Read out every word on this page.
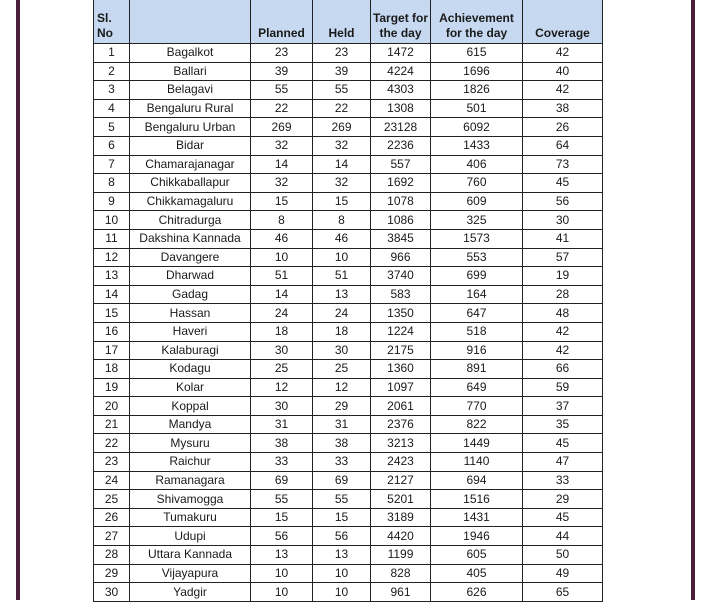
Sl. No		Planned	Held	Target for the day	Achievement for the day	Coverage
1	Bagalkot	23	23	1472	615	42
2	Ballari	39	39	4224	1696	40
3	Belagavi	55	55	4303	1826	42
4	Bengaluru Rural	22	22	1308	501	38
5	Bengaluru Urban	269	269	23128	6092	26
6	Bidar	32	32	2236	1433	64
7	Chamarajanagar	14	14	557	406	73
8	Chikkaballapur	32	32	1692	760	45
9	Chikkamagaluru	15	15	1078	609	56
10	Chitradurga	8	8	1086	325	30
11	Dakshina Kannada	46	46	3845	1573	41
12	Davangere	10	10	966	553	57
13	Dharwad	51	51	3740	699	19
14	Gadag	14	13	583	164	28
15	Hassan	24	24	1350	647	48
16	Haveri	18	18	1224	518	42
17	Kalaburagi	30	30	2175	916	42
18	Kodagu	25	25	1360	891	66
19	Kolar	12	12	1097	649	59
20	Koppal	30	29	2061	770	37
21	Mandya	31	31	2376	822	35
22	Mysuru	38	38	3213	1449	45
23	Raichur	33	33	2423	1140	47
24	Ramanagara	69	69	2127	694	33
25	Shivamogga	55	55	5201	1516	29
26	Tumakuru	15	15	3189	1431	45
27	Udupi	56	56	4420	1946	44
28	Uttara Kannada	13	13	1199	605	50
29	Vijayapura	10	10	828	405	49
30	Yadgir	10	10	961	626	65
